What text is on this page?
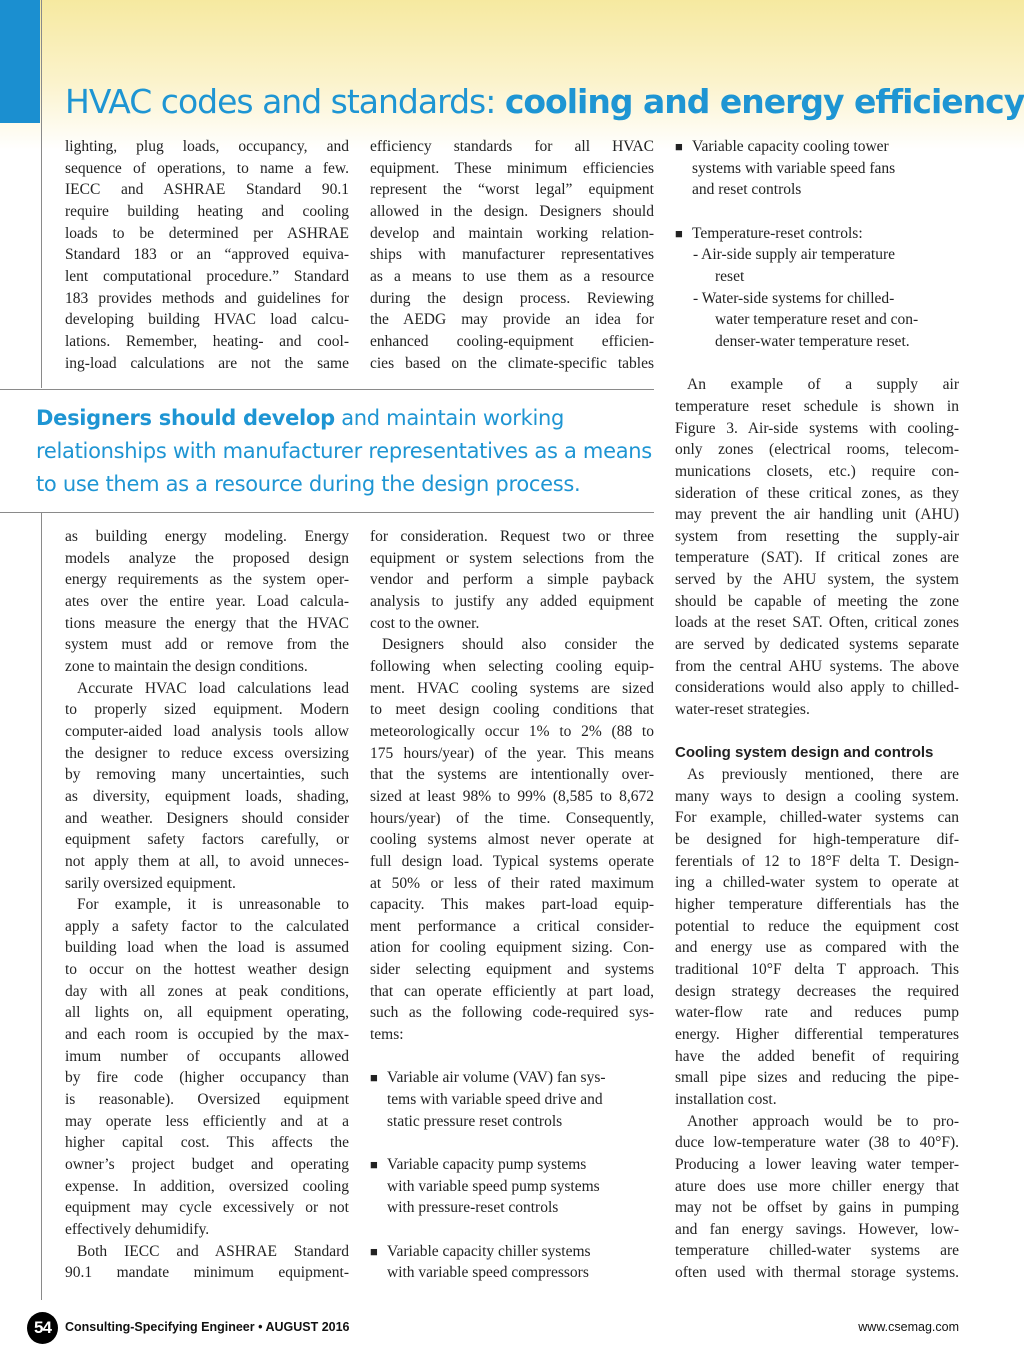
HVAC codes and standards: cooling and energy efficiency
lighting, plug loads, occupancy, and
sequence of operations, to name a few.
IECC and ASHRAE Standard 90.1
require building heating and cooling
loads to be determined per ASHRAE
Standard 183 or an “approved equiva-
lent computational procedure.” Standard
183 provides methods and guidelines for
developing building HVAC load calcu-
lations. Remember, heating- and cool-
ing-load calculations are not the same
efficiency standards for all HVAC
equipment. These minimum efficiencies
represent the “worst legal” equipment
allowed in the design. Designers should
develop and maintain working relation-
ships with manufacturer representatives
as a means to use them as a resource
during the design process. Reviewing
the AEDG may provide an idea for
enhanced cooling-equipment efficien-
cies based on the climate-specific tables
Designers should develop and maintain working
relationships with manufacturer representatives as a means
to use them as a resource during the design process.
as building energy modeling. Energy
models analyze the proposed design
energy requirements as the system oper-
ates over the entire year. Load calcula-
tions measure the energy that the HVAC
system must add or remove from the
zone to maintain the design conditions.
Accurate HVAC load calculations lead
to properly sized equipment. Modern
computer-aided load analysis tools allow
the designer to reduce excess oversizing
by removing many uncertainties, such
as diversity, equipment loads, shading,
and weather. Designers should consider
equipment safety factors carefully, or
not apply them at all, to avoid unneces-
sarily oversized equipment.
For example, it is unreasonable to
apply a safety factor to the calculated
building load when the load is assumed
to occur on the hottest weather design
day with all zones at peak conditions,
all lights on, all equipment operating,
and each room is occupied by the max-
imum number of occupants allowed
by fire code (higher occupancy than
is reasonable). Oversized equipment
may operate less efficiently and at a
higher capital cost. This affects the
owner’s project budget and operating
expense. In addition, oversized cooling
equipment may cycle excessively or not
effectively dehumidify.
Both IECC and ASHRAE Standard
90.1 mandate minimum equipment-
for consideration. Request two or three
equipment or system selections from the
vendor and perform a simple payback
analysis to justify any added equipment
cost to the owner.
Designers should also consider the
following when selecting cooling equip-
ment. HVAC cooling systems are sized
to meet design cooling conditions that
meteorologically occur 1% to 2% (88 to
175 hours/year) of the year. This means
that the systems are intentionally over-
sized at least 98% to 99% (8,585 to 8,672
hours/year) of the time. Consequently,
cooling systems almost never operate at
full design load. Typical systems operate
at 50% or less of their rated maximum
capacity. This makes part-load equip-
ment performance a critical consider-
ation for cooling equipment sizing. Con-
sider selecting equipment and systems
that can operate efficiently at part load,
such as the following code-required sys-
tems:
■ Variable air volume (VAV) fan sys-
tems with variable speed drive and
static pressure reset controls
■ Variable capacity pump systems
with variable speed pump systems
with pressure-reset controls
■ Variable capacity chiller systems
with variable speed compressors
■ Variable capacity cooling tower
systems with variable speed fans
and reset controls
■ Temperature-reset controls:
- Air-side supply air temperature
reset
- Water-side systems for chilled-
water temperature reset and con-
denser-water temperature reset.
An example of a supply air
temperature reset schedule is shown in
Figure 3. Air-side systems with cooling-
only zones (electrical rooms, telecom-
munications closets, etc.) require con-
sideration of these critical zones, as they
may prevent the air handling unit (AHU)
system from resetting the supply-air
temperature (SAT). If critical zones are
served by the AHU system, the system
should be capable of meeting the zone
loads at the reset SAT. Often, critical zones
are served by dedicated systems separate
from the central AHU systems. The above
considerations would also apply to chilled-
water-reset strategies.
Cooling system design and controls
As previously mentioned, there are
many ways to design a cooling system.
For example, chilled-water systems can
be designed for high-temperature dif-
ferentials of 12 to 18°F delta T. Design-
ing a chilled-water system to operate at
higher temperature differentials has the
potential to reduce the equipment cost
and energy use as compared with the
traditional 10°F delta T approach. This
design strategy decreases the required
water-flow rate and reduces pump
energy. Higher differential temperatures
have the added benefit of requiring
small pipe sizes and reducing the pipe-
installation cost.
Another approach would be to pro-
duce low-temperature water (38 to 40°F).
Producing a lower leaving water temper-
ature does use more chiller energy that
may not be offset by gains in pumping
and fan energy savings. However, low-
temperature chilled-water systems are
often used with thermal storage systems.
54	Consulting-Specifying Engineer • AUGUST 2016	www.csemag.com
